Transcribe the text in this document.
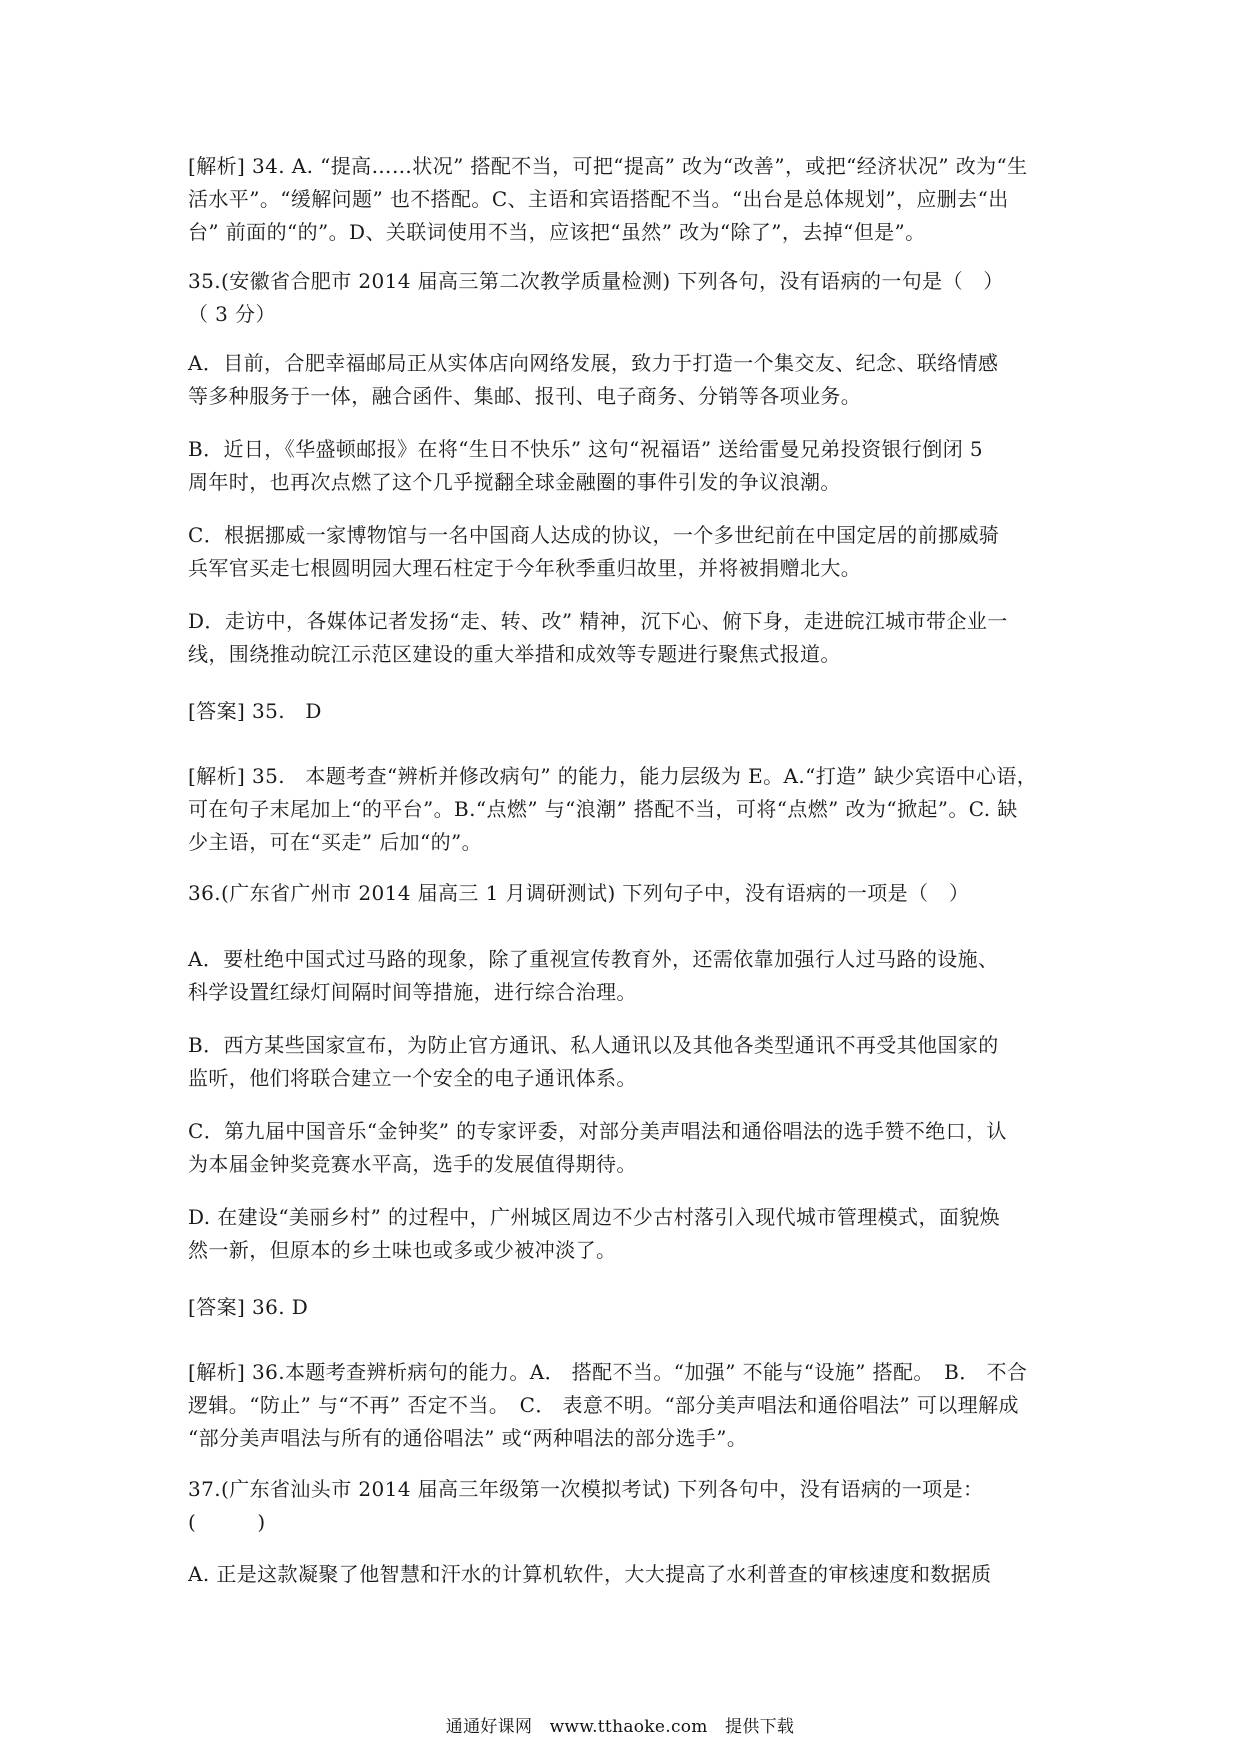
[解析] 34. A. “提高……状况” 搭配不当，可把“提高” 改为“改善”，或把“经济状况” 改为“生
活水平”。“缓解问题” 也不搭配。C、主语和宾语搭配不当。“出台是总体规划”，应删去“出
台” 前面的“的”。D、关联词使用不当，应该把“虽然” 改为“除了”，去掉“但是”。
35.(安徽省合肥市 2014 届高三第二次教学质量检测) 下列各句，没有语病的一句是（　）
（ 3 分）
A．目前，合肥幸福邮局正从实体店向网络发展，致力于打造一个集交友、纪念、联络情感
等多种服务于一体，融合函件、集邮、报刊、电子商务、分销等各项业务。
B．近日，《华盛顿邮报》在将“生日不快乐” 这句“祝福语” 送给雷曼兄弟投资银行倒闭 5
周年时，也再次点燃了这个几乎搅翻全球金融圈的事件引发的争议浪潮。
C．根据挪威一家博物馆与一名中国商人达成的协议，一个多世纪前在中国定居的前挪威骑
兵军官买走七根圆明园大理石柱定于今年秋季重归故里，并将被捐赠北大。
D．走访中，各媒体记者发扬“走、转、改” 精神，沉下心、俯下身，走进皖江城市带企业一
线，围绕推动皖江示范区建设的重大举措和成效等专题进行聚焦式报道。
[答案] 35.　D
[解析] 35.　本题考查“辨析并修改病句” 的能力，能力层级为 E。A.“打造” 缺少宾语中心语，
可在句子末尾加上“的平台”。B.“点燃” 与“浪潮” 搭配不当，可将“点燃” 改为“掀起”。C. 缺
少主语，可在“买走” 后加“的”。
36.(广东省广州市 2014 届高三 1 月调研测试) 下列句子中，没有语病的一项是（　）
A．要杜绝中国式过马路的现象，除了重视宣传教育外，还需依靠加强行人过马路的设施、
科学设置红绿灯间隔时间等措施，进行综合治理。
B．西方某些国家宣布，为防止官方通讯、私人通讯以及其他各类型通讯不再受其他国家的
监听，他们将联合建立一个安全的电子通讯体系。
C．第九届中国音乐“金钟奖” 的专家评委，对部分美声唱法和通俗唱法的选手赞不绝口，认
为本届金钟奖竞赛水平高，选手的发展值得期待。
D. 在建设“美丽乡村” 的过程中，广州城区周边不少古村落引入现代城市管理模式，面貌焕
然一新，但原本的乡土味也或多或少被冲淡了。
[答案] 36. D
[解析] 36.本题考查辨析病句的能力。A． 搭配不当。“加强” 不能与“设施” 搭配。　B． 不合
逻辑。“防止” 与“不再” 否定不当。　C． 表意不明。“部分美声唱法和通俗唱法” 可以理解成
“部分美声唱法与所有的通俗唱法” 或“两种唱法的部分选手”。
37.(广东省汕头市 2014 届高三年级第一次模拟考试) 下列各句中，没有语病的一项是：
(　　　)
A. 正是这款凝聚了他智慧和汗水的计算机软件，大大提高了水利普查的审核速度和数据质
通通好课网　www.tthaoke.com　提供下载
